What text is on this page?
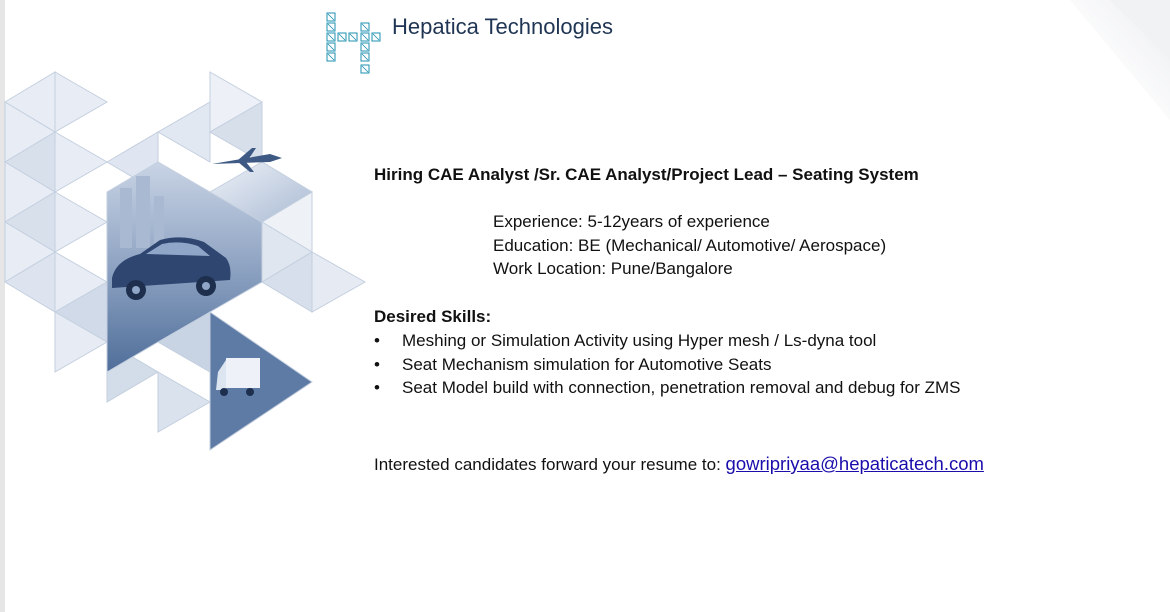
Hepatica Technologies
Hiring CAE Analyst /Sr. CAE Analyst/Project Lead – Seating System
Experience: 5-12years of experience
Education: BE (Mechanical/ Automotive/ Aerospace)
Work Location: Pune/Bangalore
Desired Skills:
• Meshing or Simulation Activity using Hyper mesh / Ls-dyna tool
• Seat Mechanism simulation for Automotive Seats
• Seat Model build with connection, penetration removal and debug for ZMS
Interested candidates forward your resume to: gowripriyaa@hepaticatech.com
